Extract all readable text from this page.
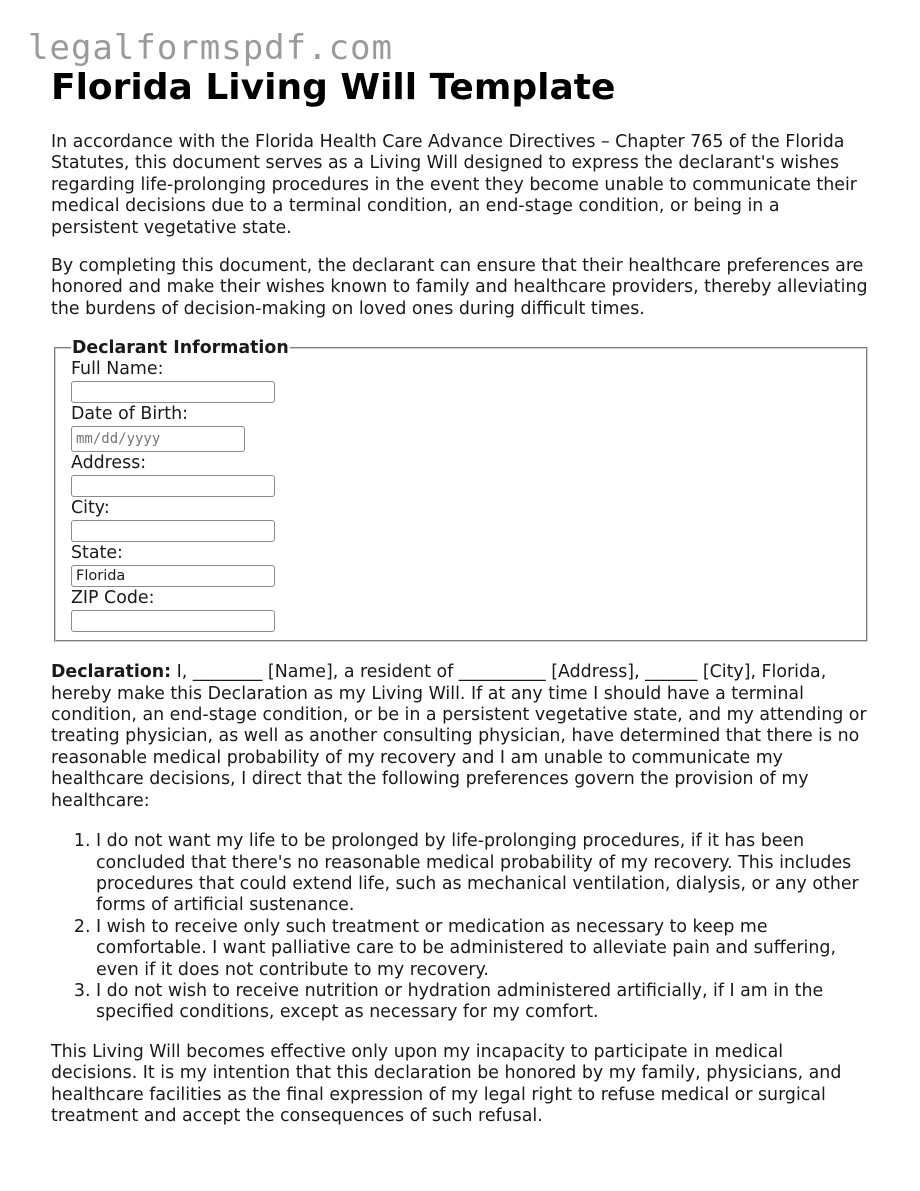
legalformspdf.com
Florida Living Will Template

In accordance with the Florida Health Care Advance Directives – Chapter 765 of the Florida Statutes, this document serves as a Living Will designed to express the declarant's wishes regarding life-prolonging procedures in the event they become unable to communicate their medical decisions due to a terminal condition, an end-stage condition, or being in a persistent vegetative state.

By completing this document, the declarant can ensure that their healthcare preferences are honored and make their wishes known to family and healthcare providers, thereby alleviating the burdens of decision-making on loved ones during difficult times.

Declarant Information
Full Name:
Date of Birth:
mm/dd/yyyy
Address:
City:
State:
Florida
ZIP Code:

Declaration: I, ________ [Name], a resident of __________ [Address], ______ [City], Florida, hereby make this Declaration as my Living Will. If at any time I should have a terminal condition, an end-stage condition, or be in a persistent vegetative state, and my attending or treating physician, as well as another consulting physician, have determined that there is no reasonable medical probability of my recovery and I am unable to communicate my healthcare decisions, I direct that the following preferences govern the provision of my healthcare:

1. I do not want my life to be prolonged by life-prolonging procedures, if it has been concluded that there's no reasonable medical probability of my recovery. This includes procedures that could extend life, such as mechanical ventilation, dialysis, or any other forms of artificial sustenance.
2. I wish to receive only such treatment or medication as necessary to keep me comfortable. I want palliative care to be administered to alleviate pain and suffering, even if it does not contribute to my recovery.
3. I do not wish to receive nutrition or hydration administered artificially, if I am in the specified conditions, except as necessary for my comfort.

This Living Will becomes effective only upon my incapacity to participate in medical decisions. It is my intention that this declaration be honored by my family, physicians, and healthcare facilities as the final expression of my legal right to refuse medical or surgical treatment and accept the consequences of such refusal.
